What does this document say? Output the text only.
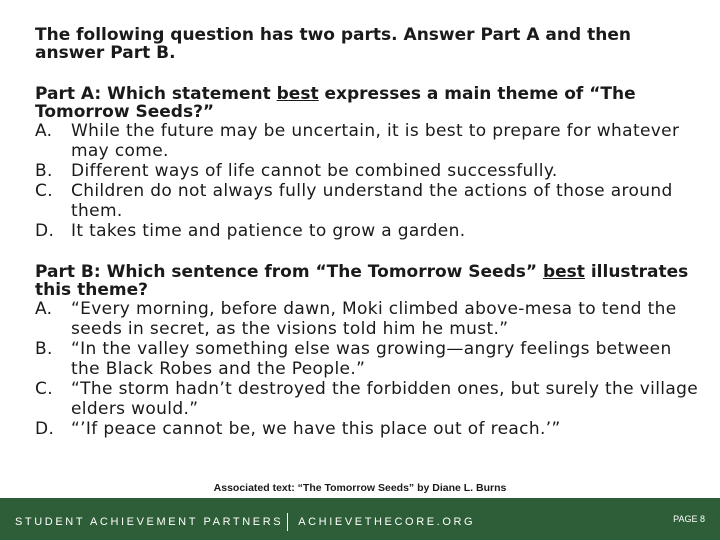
The following question has two parts. Answer Part A and then answer Part B.
Part A: Which statement best expresses a main theme of “The Tomorrow Seeds?”
A. While the future may be uncertain, it is best to prepare for whatever may come.
B. Different ways of life cannot be combined successfully.
C. Children do not always fully understand the actions of those around them.
D. It takes time and patience to grow a garden.
Part B: Which sentence from “The Tomorrow Seeds” best illustrates this theme?
A. “Every morning, before dawn, Moki climbed above-mesa to tend the seeds in secret, as the visions told him he must.”
B. “In the valley something else was growing—angry feelings between the Black Robes and the People.”
C. “The storm hadn’t destroyed the forbidden ones, but surely the village elders would.”
D. “’If peace cannot be, we have this place out of reach.’”
Associated text: “The Tomorrow Seeds” by Diane L. Burns
STUDENT ACHIEVEMENT PARTNERS ACHIEVETHECORE.ORG	PAGE 8
